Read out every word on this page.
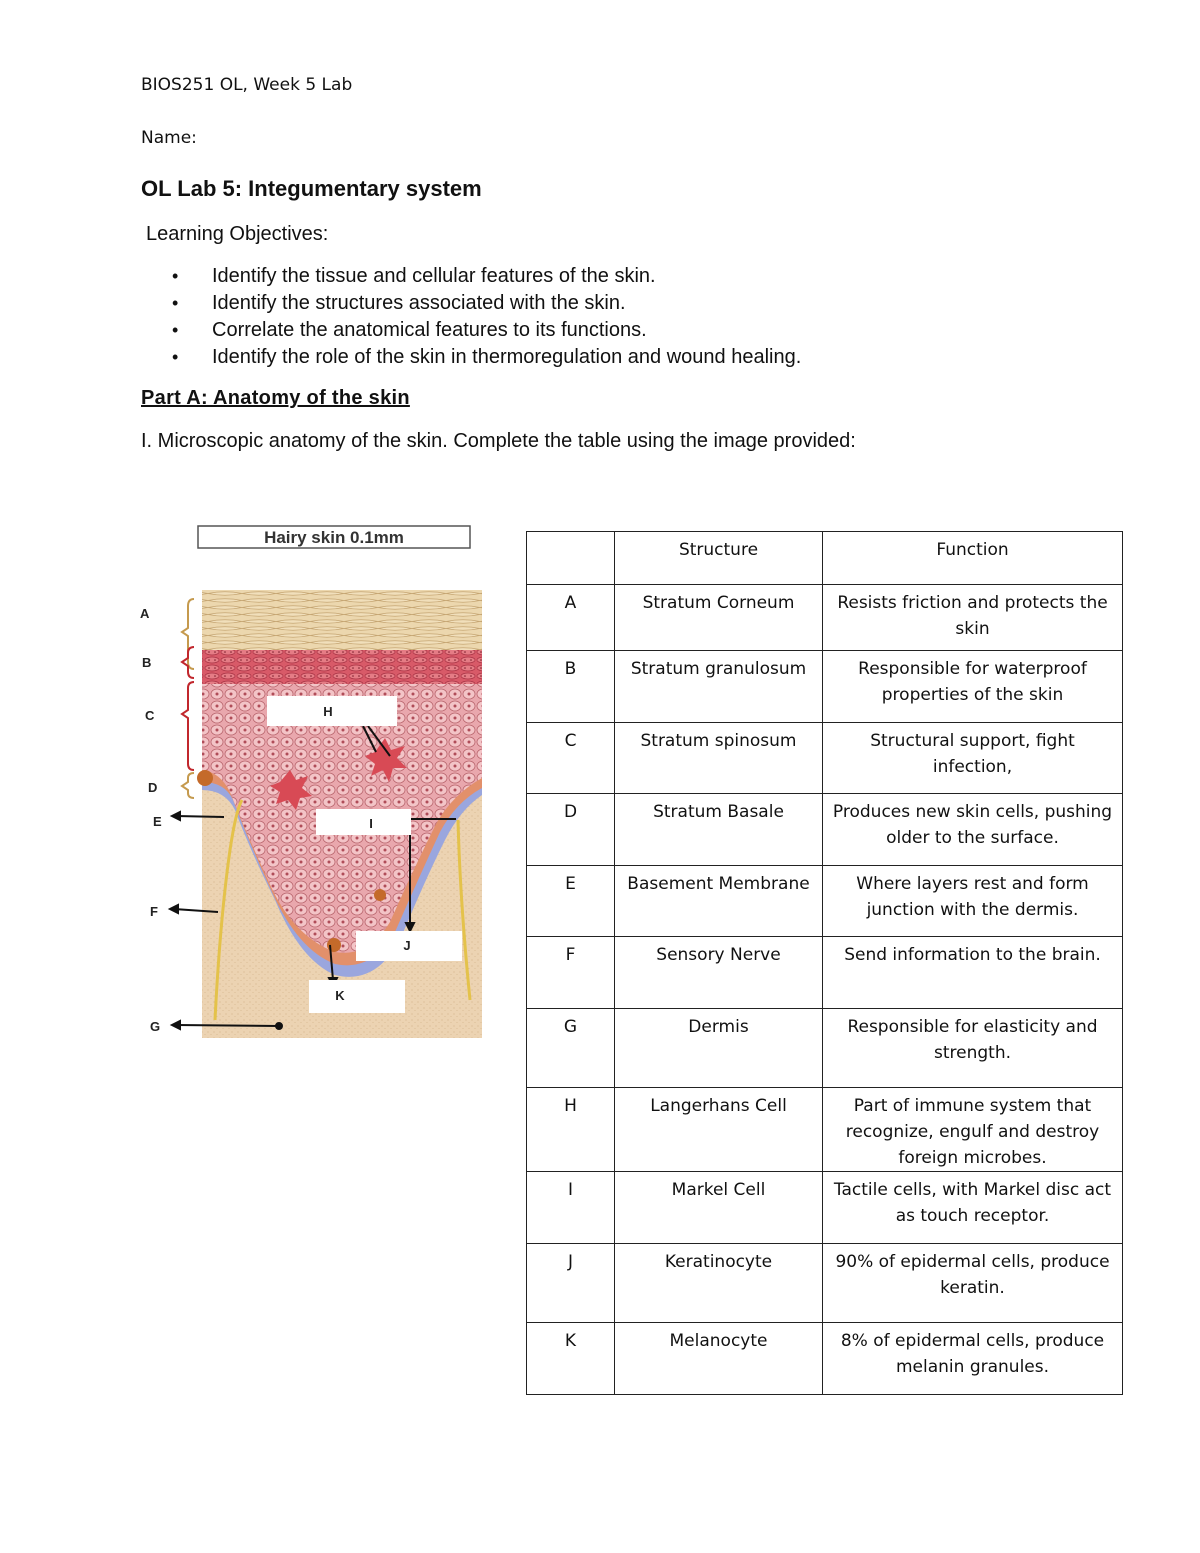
BIOS251 OL, Week 5 Lab
Name:
OL Lab 5: Integumentary system
Learning Objectives:
•	Identify the tissue and cellular features of the skin.
•	Identify the structures associated with the skin.
•	Correlate the anatomical features to its functions.
•	Identify the role of the skin in thermoregulation and wound healing.
Part A: Anatomy of the skin
I. Microscopic anatomy of the skin. Complete the table using the image provided:
Hairy skin 0.1mm
A
B
C
D
E
F
G
H
I
J
K
	Structure	Function
A	Stratum Corneum	Resists friction and protects the skin
B	Stratum granulosum	Responsible for waterproof properties of the skin
C	Stratum spinosum	Structural support, fight infection,
D	Stratum Basale	Produces new skin cells, pushing older to the surface.
E	Basement Membrane	Where layers rest and form junction with the dermis.
F	Sensory Nerve	Send information to the brain.
G	Dermis	Responsible for elasticity and strength.
H	Langerhans Cell	Part of immune system that recognize, engulf and destroy foreign microbes.
I	Markel Cell	Tactile cells, with Markel disc act as touch receptor.
J	Keratinocyte	90% of epidermal cells, produce keratin.
K	Melanocyte	8% of epidermal cells, produce melanin granules.
